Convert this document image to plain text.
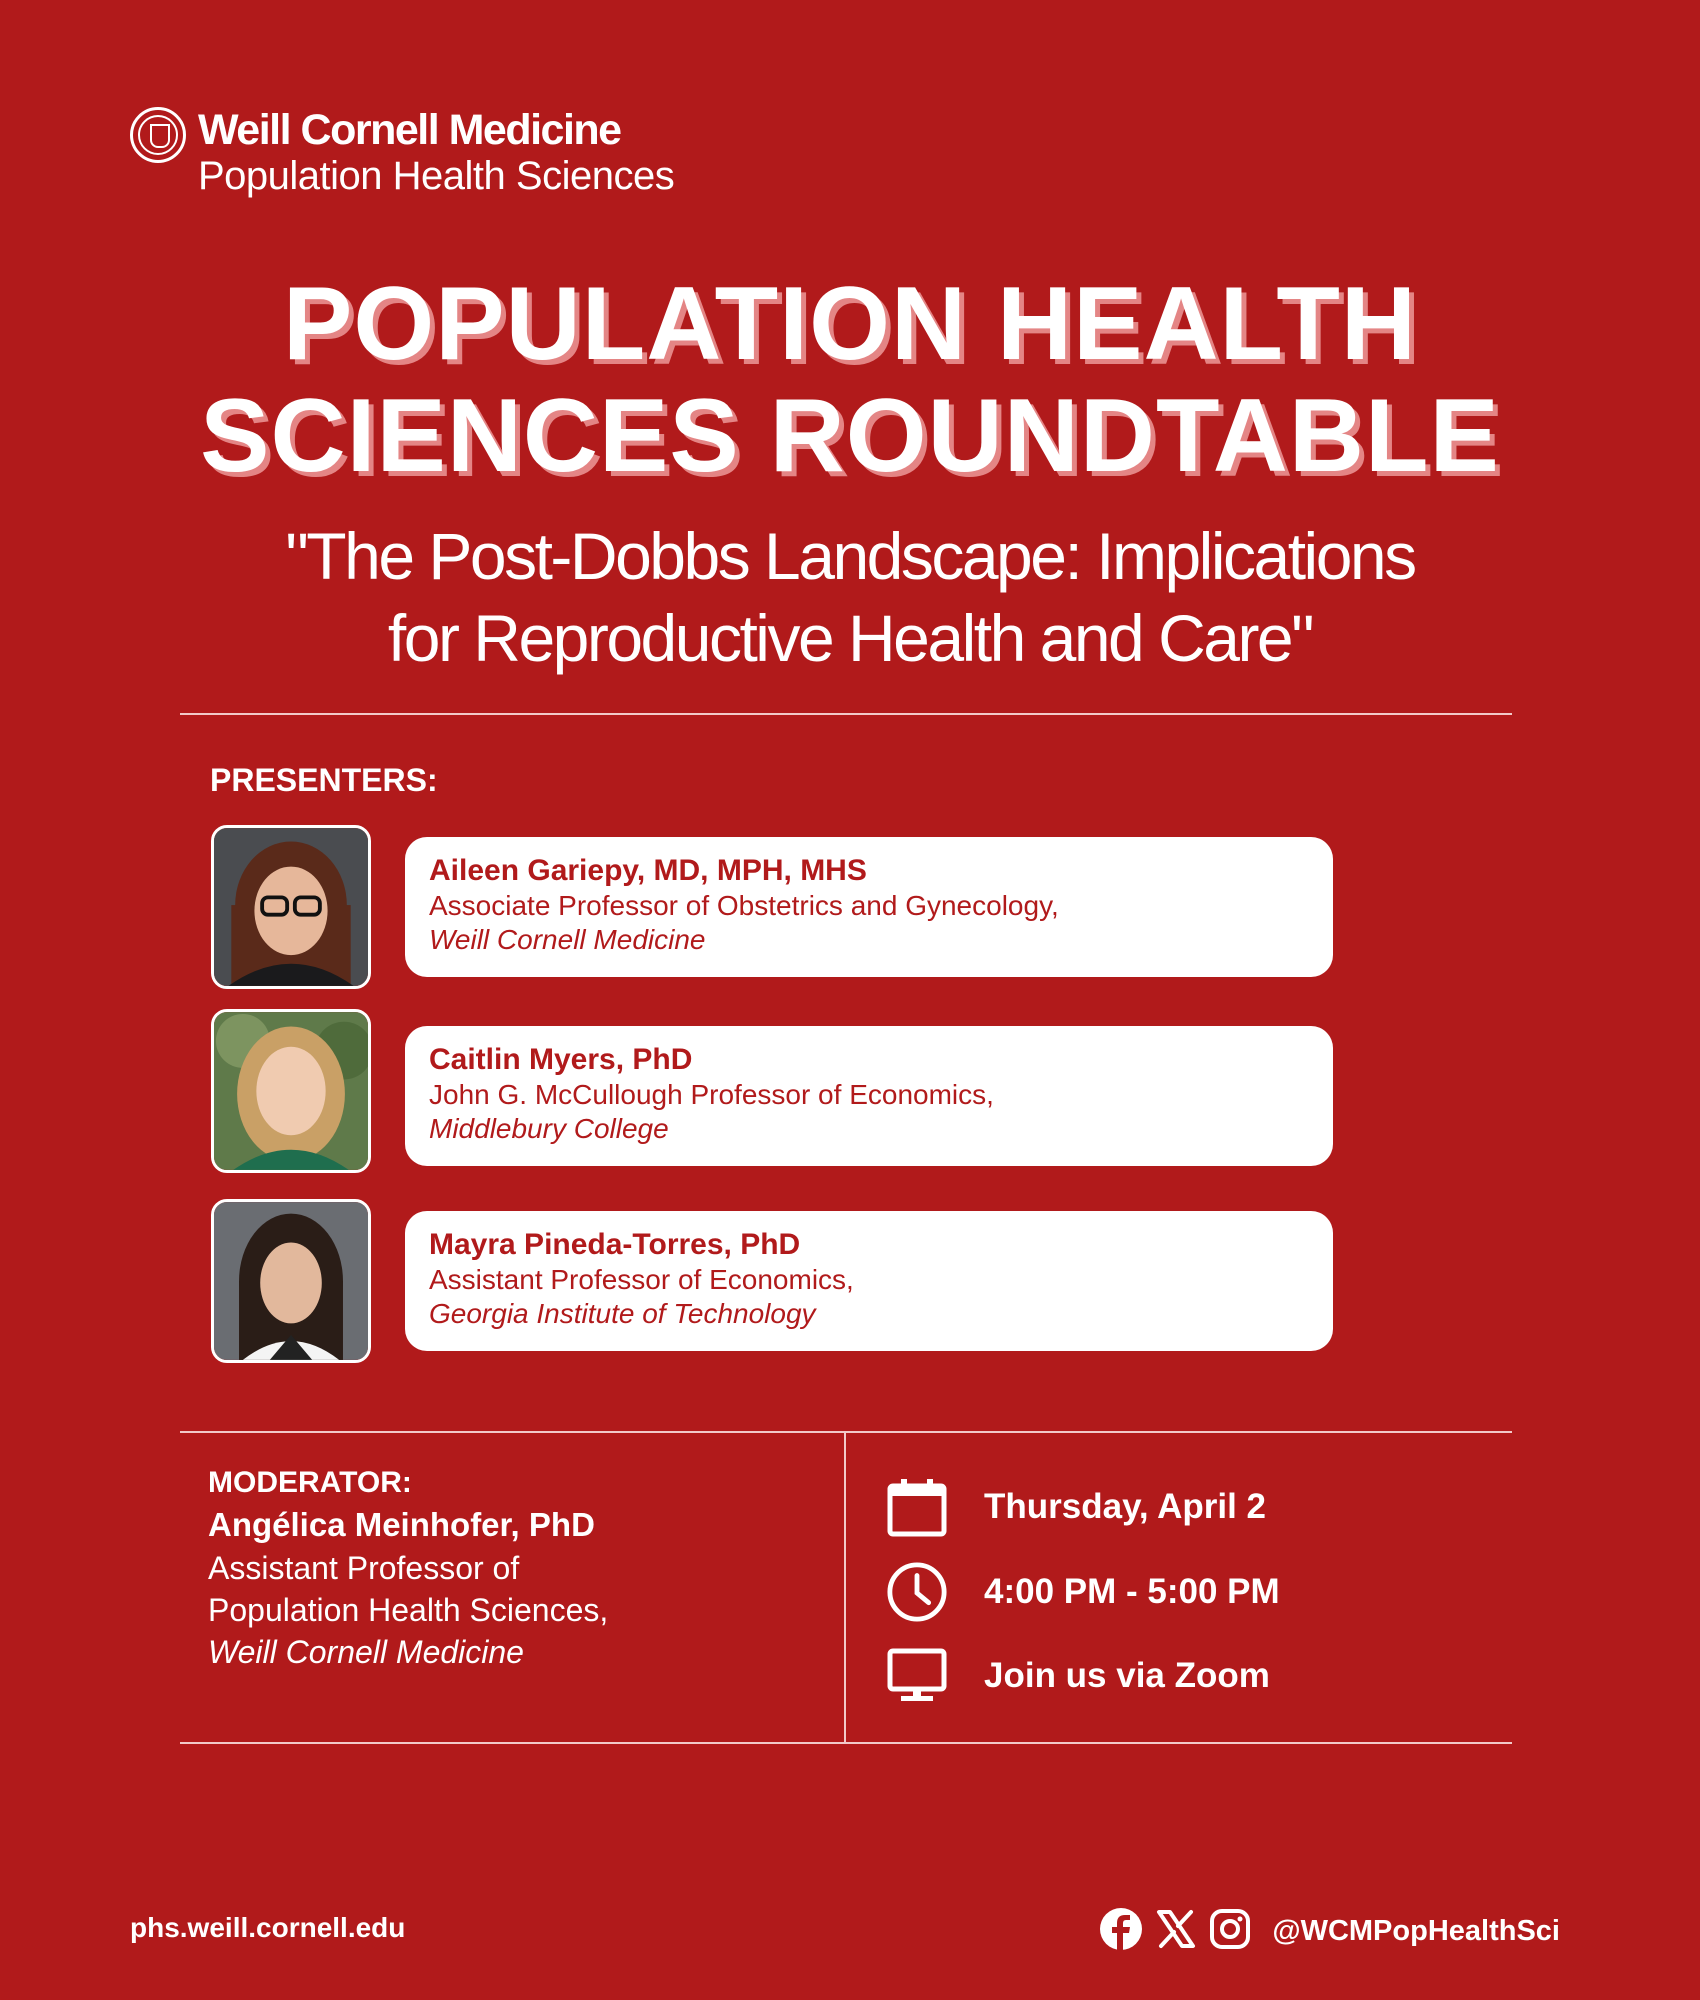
Weill Cornell Medicine
Population Health Sciences
POPULATION HEALTH
SCIENCES ROUNDTABLE
"The Post-Dobbs Landscape: Implications
for Reproductive Health and Care"
PRESENTERS:
Aileen Gariepy, MD, MPH, MHS
Associate Professor of Obstetrics and Gynecology,
Weill Cornell Medicine
Caitlin Myers, PhD
John G. McCullough Professor of Economics,
Middlebury College
Mayra Pineda-Torres, PhD
Assistant Professor of Economics,
Georgia Institute of Technology
MODERATOR:
Angélica Meinhofer, PhD
Assistant Professor of
Population Health Sciences,
Weill Cornell Medicine
Thursday, April 2
4:00 PM - 5:00 PM
Join us via Zoom
phs.weill.cornell.edu	@WCMPopHealthSci
